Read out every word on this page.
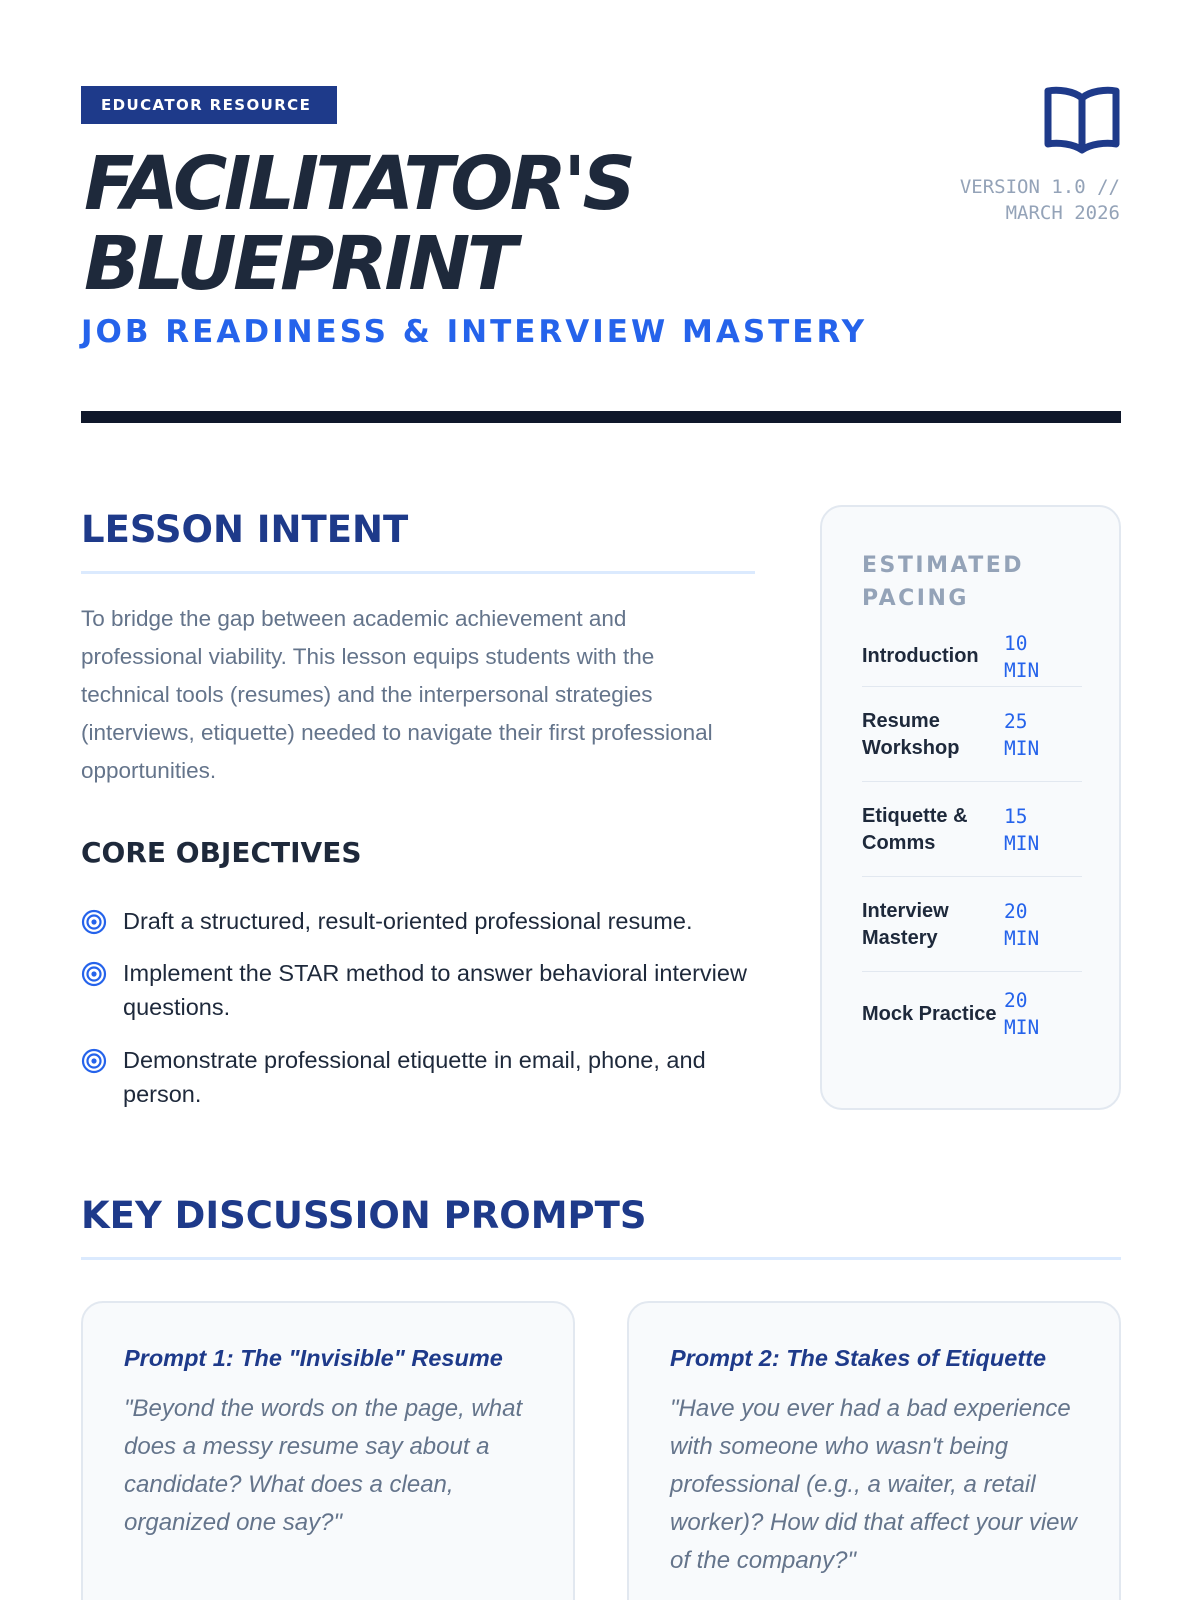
EDUCATOR RESOURCE
FACILITATOR'S
BLUEPRINT
JOB READINESS & INTERVIEW MASTERY
VERSION 1.0 //
MARCH 2026
LESSON INTENT
To bridge the gap between academic achievement and professional viability. This lesson equips students with the technical tools (resumes) and the interpersonal strategies (interviews, etiquette) needed to navigate their first professional opportunities.
CORE OBJECTIVES
Draft a structured, result-oriented professional resume.
Implement the STAR method to answer behavioral interview questions.
Demonstrate professional etiquette in email, phone, and person.
ESTIMATED PACING
Introduction
10 MIN
Resume Workshop
25 MIN
Etiquette & Comms
15 MIN
Interview Mastery
20 MIN
Mock Practice
20 MIN
KEY DISCUSSION PROMPTS
Prompt 1: The "Invisible" Resume
"Beyond the words on the page, what does a messy resume say about a candidate? What does a clean, organized one say?"
Prompt 2: The Stakes of Etiquette
"Have you ever had a bad experience with someone who wasn't being professional (e.g., a waiter, a retail worker)? How did that affect your view of the company?"
